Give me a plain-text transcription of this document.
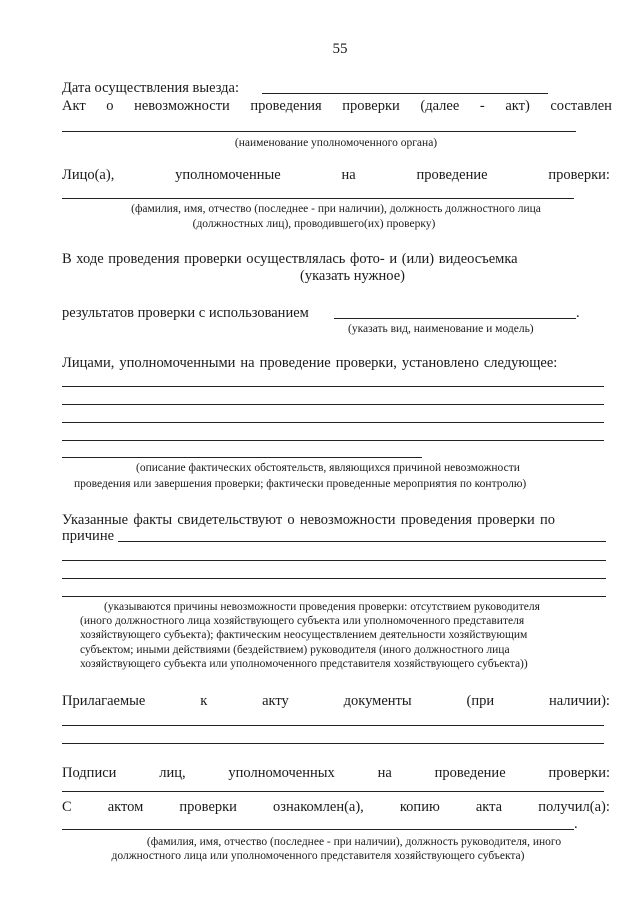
55
Дата осуществления выезда:
Акт о невозможности проведения проверки (далее - акт) составлен
(наименование уполномоченного органа)
Лицо(а),	уполномоченные	на	проведение	проверки:
(фамилия, имя, отчество (последнее - при наличии), должность должностного лица
(должностных лиц), проводившего(их) проверку)
В ходе проведения проверки осуществлялась фото- и (или) видеосъемка
(указать нужное)
результатов проверки с использованием	.
(указать вид, наименование и модель)
Лицами, уполномоченными на проведение проверки, установлено следующее:
(описание фактических обстоятельств, являющихся причиной невозможности
проведения или завершения проверки; фактически проведенные мероприятия по контролю)
Указанные факты свидетельствуют о невозможности проведения проверки по
причине
(указываются причины невозможности проведения проверки: отсутствием руководителя
(иного должностного лица хозяйствующего субъекта или уполномоченного представителя
хозяйствующего субъекта); фактическим неосуществлением деятельности хозяйствующим
субъектом; иными действиями (бездействием) руководителя (иного должностного лица
хозяйствующего субъекта или уполномоченного представителя хозяйствующего субъекта))
Прилагаемые	к	акту	документы	(при	наличии):
Подписи	лиц,	уполномоченных	на	проведение	проверки:
С актом проверки ознакомлен(а), копию акта получил(а):
.
(фамилия, имя, отчество (последнее - при наличии), должность руководителя, иного
должностного лица или уполномоченного представителя хозяйствующего субъекта)
